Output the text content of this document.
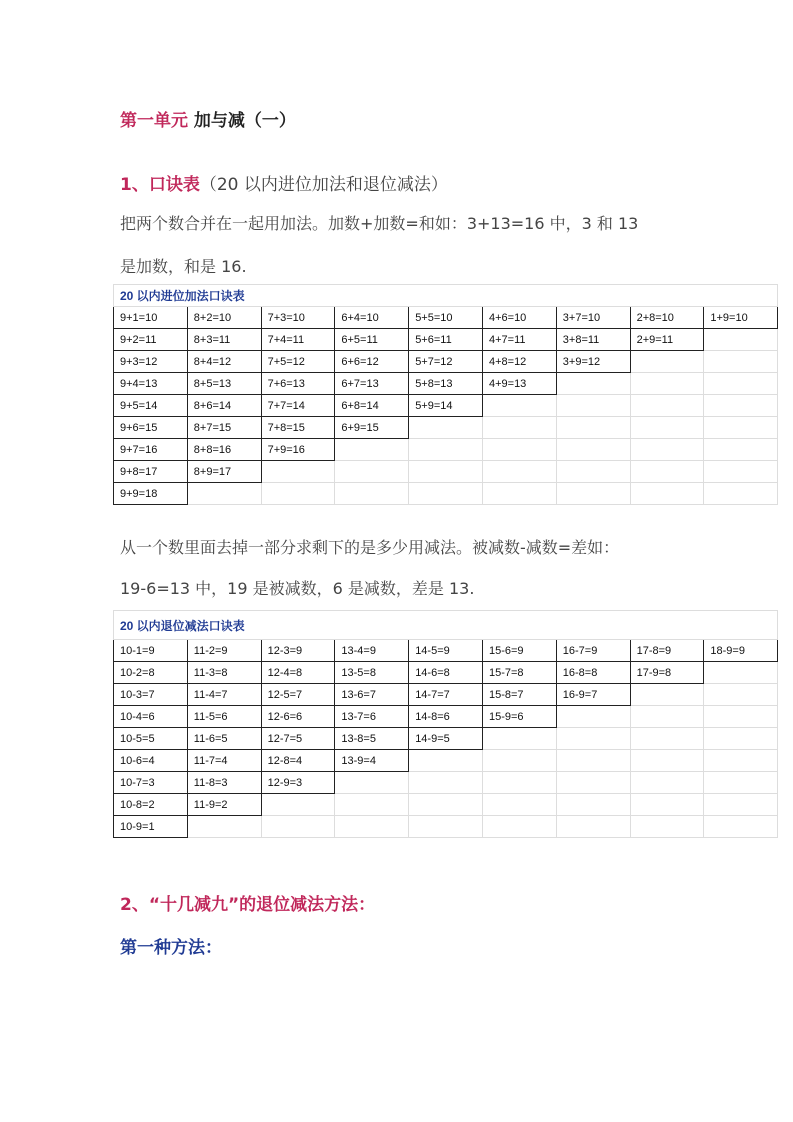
第一单元 加与减（一）
1、口诀表（20 以内进位加法和退位减法）
把两个数合并在一起用加法。加数+加数=和如：3+13=16 中，3 和 13
是加数，和是 16.
20 以内进位加法口诀表								
9+1=10	8+2=10	7+3=10	6+4=10	5+5=10	4+6=10	3+7=10	2+8=10	1+9=10
9+2=11	8+3=11	7+4=11	6+5=11	5+6=11	4+7=11	3+8=11	2+9=11	
9+3=12	8+4=12	7+5=12	6+6=12	5+7=12	4+8=12	3+9=12		
9+4=13	8+5=13	7+6=13	6+7=13	5+8=13	4+9=13			
9+5=14	8+6=14	7+7=14	6+8=14	5+9=14				
9+6=15	8+7=15	7+8=15	6+9=15					
9+7=16	8+8=16	7+9=16						
9+8=17	8+9=17							
9+9=18								
从一个数里面去掉一部分求剩下的是多少用减法。被减数-减数=差如：
19-6=13 中，19 是被减数，6 是减数，差是 13.
20 以内退位减法口诀表								
10-1=9	11-2=9	12-3=9	13-4=9	14-5=9	15-6=9	16-7=9	17-8=9	18-9=9
10-2=8	11-3=8	12-4=8	13-5=8	14-6=8	15-7=8	16-8=8	17-9=8	
10-3=7	11-4=7	12-5=7	13-6=7	14-7=7	15-8=7	16-9=7		
10-4=6	11-5=6	12-6=6	13-7=6	14-8=6	15-9=6			
10-5=5	11-6=5	12-7=5	13-8=5	14-9=5				
10-6=4	11-7=4	12-8=4	13-9=4					
10-7=3	11-8=3	12-9=3						
10-8=2	11-9=2							
10-9=1								
2、“十几减九”的退位减法方法：
第一种方法：
